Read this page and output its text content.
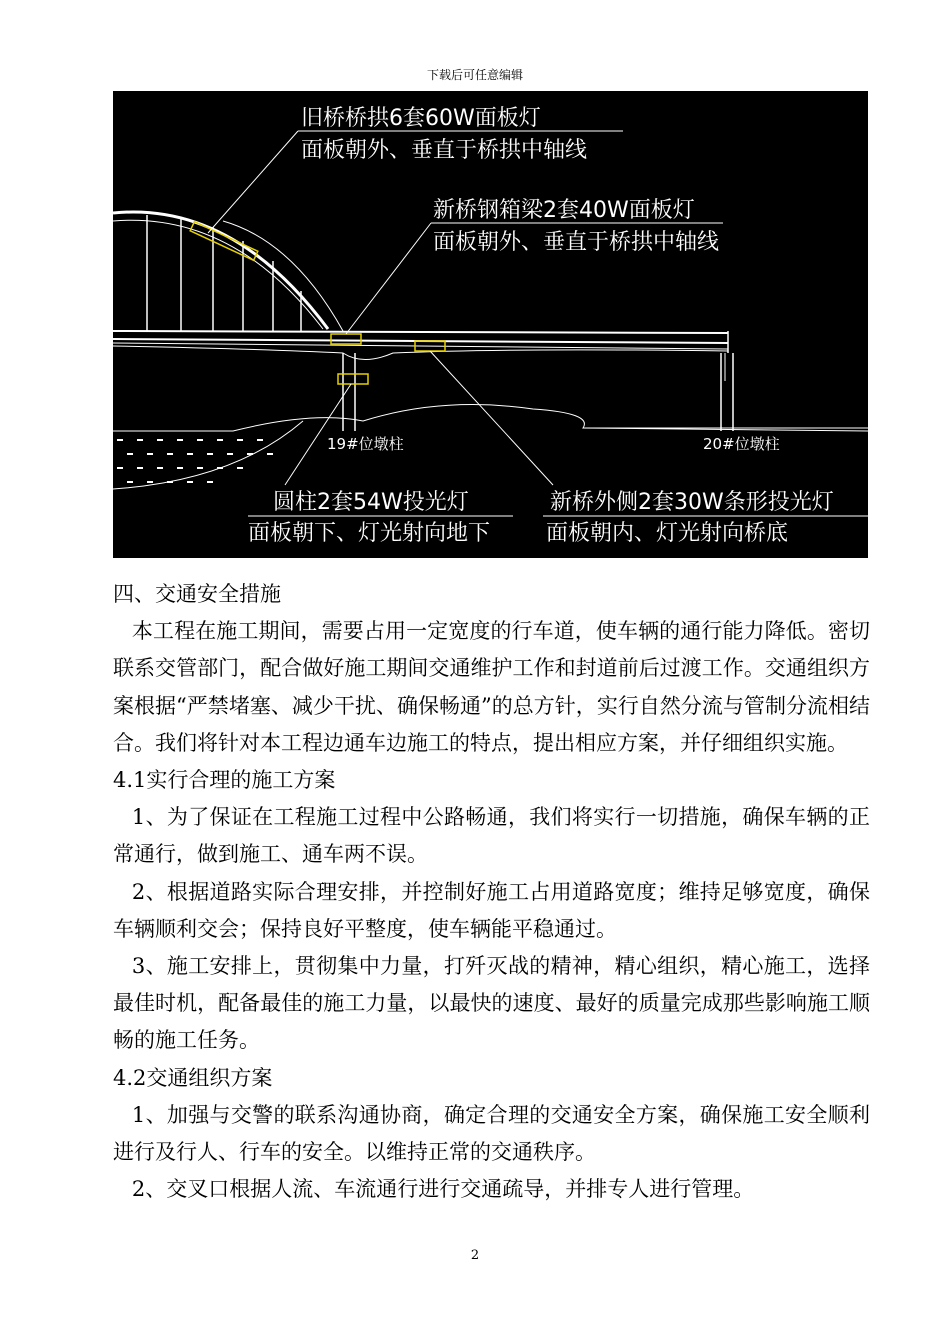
下载后可任意编辑
旧桥桥拱6套60W面板灯
面板朝外、垂直于桥拱中轴线
新桥钢箱梁2套40W面板灯
面板朝外、垂直于桥拱中轴线
19#位墩柱	20#位墩柱
圆柱2套54W投光灯
面板朝下、灯光射向地下
新桥外侧2套30W条形投光灯
面板朝内、灯光射向桥底

四、交通安全措施

本工程在施工期间，需要占用一定宽度的行车道，使车辆的通行能力降低。密切联系交管部门，配合做好施工期间交通维护工作和封道前后过渡工作。交通组织方案根据“严禁堵塞、减少干扰、确保畅通”的总方针，实行自然分流与管制分流相结合。我们将针对本工程边通车边施工的特点，提出相应方案，并仔细组织实施。

4.1实行合理的施工方案

1、为了保证在工程施工过程中公路畅通，我们将实行一切措施，确保车辆的正常通行，做到施工、通车两不误。

2、根据道路实际合理安排，并控制好施工占用道路宽度；维持足够宽度，确保车辆顺利交会；保持良好平整度，使车辆能平稳通过。

3、施工安排上，贯彻集中力量，打歼灭战的精神，精心组织，精心施工，选择最佳时机，配备最佳的施工力量，以最快的速度、最好的质量完成那些影响施工顺畅的施工任务。

4.2交通组织方案

1、加强与交警的联系沟通协商，确定合理的交通安全方案，确保施工安全顺利进行及行人、行车的安全。以维持正常的交通秩序。

2、交叉口根据人流、车流通行进行交通疏导，并排专人进行管理。

2
